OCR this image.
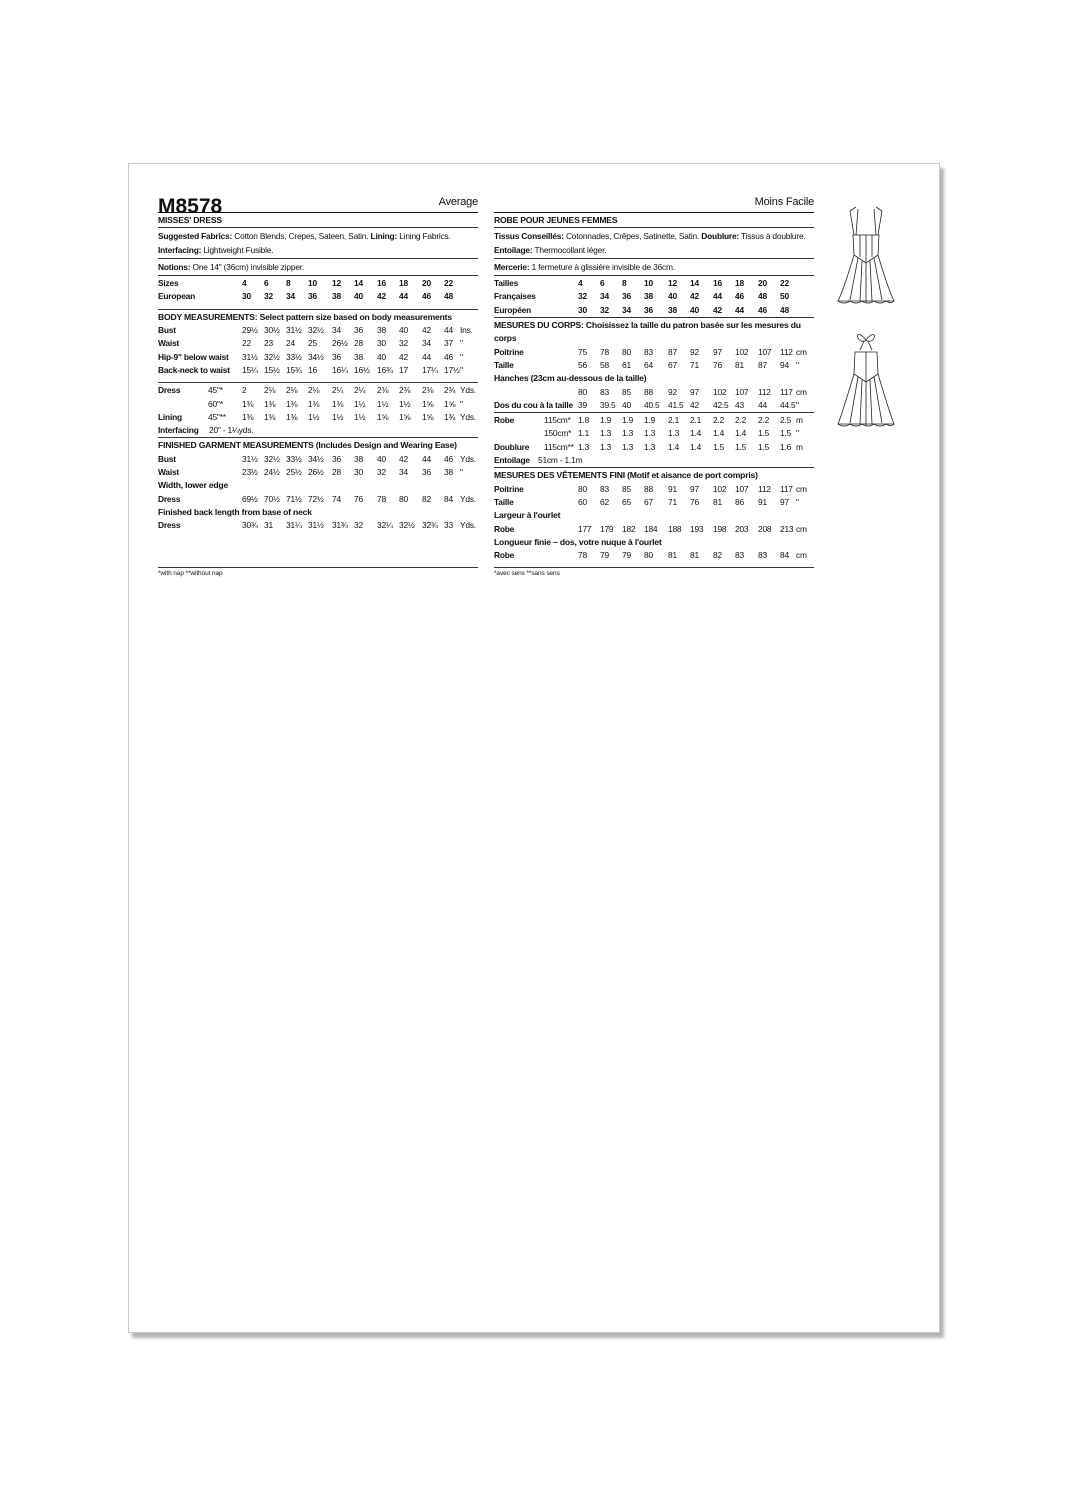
M8578	Average
MISSES' DRESS
Suggested Fabrics: Cotton Blends, Crepes, Sateen, Satin. Lining: Lining Fabrics. Interfacing: Lightweight Fusible.
Notions: One 14" (36cm) invisible zipper.
Sizes	4 6 8 10 12 14 16 18 20 22
European	30 32 34 36 38 40 42 44 46 48
BODY MEASUREMENTS: Select pattern size based on body measurements
Bust	29½ 30½ 31½ 32½ 34 36 38 40 42 44 Ins.
Waist	22 23 24 25 26½ 28 30 32 34 37 "
Hip-9" below waist 31½ 32½ 33½ 34½ 36 38 40 42 44 46 "
Back-neck to waist 15¼ 15½ 15¾ 16 16¼ 16½ 16¾ 17 17¼ 17½ "
Dress	45"* 2 2⅛ 2⅛ 2⅛ 2¼ 2¼ 2⅜ 2⅜ 2⅜ 2¾ Yds.
60"* 1⅜ 1⅜ 1⅜ 1⅜ 1⅜ 1½ 1½ 1½ 1⅝ 1⅝ "
Lining	45"** 1⅜ 1⅜ 1⅜ 1½ 1½ 1½ 1⅝ 1⅝ 1⅝ 1¾ Yds.
Interfacing 20" - 1¼yds.
FINISHED GARMENT MEASUREMENTS (Includes Design and Wearing Ease)
Bust	31½ 32½ 33½ 34½ 36 38 40 42 44 46 Yds.
Waist	23½ 24½ 25½ 26½ 28 30 32 34 36 38 "
Width, lower edge
Dress	69½ 70½ 71½ 72½ 74 76 78 80 82 84 Yds.
Finished back length from base of neck
Dress	30¾ 31 31¼ 31½ 31¾ 32 32¼ 32½ 32¾ 33 Yds.
*with nap **without nap
Moins Facile
ROBE POUR JEUNES FEMMES
Tissus Conseillés: Cotonnades, Crêpes, Satinette, Satin. Doublure: Tissus à doublure. Entoilage: Thermocollant léger.
Mercerie: 1 fermeture à glissière invisible de 36cm.
Tailles	4 6 8 10 12 14 16 18 20 22
Françaises	32 34 36 38 40 42 44 46 48 50
Européen	30 32 34 36 38 40 42 44 46 48
MESURES DU CORPS: Choisissez la taille du patron basée sur les mesures du corps
Poitrine	75 78 80 83 87 92 97 102 107 112 cm
Taille	56 58 61 64 67 71 76 81 87 94 "
Hanches (23cm au-dessous de la taille)
80 83 85 88 92 97 102 107 112 117 cm
Dos du cou à la taille 39 39.5 40 40.5 41.5 42 42.5 43 44 44.5 "
Robe	115cm* 1.8 1.9 1.9 1.9 2.1 2.1 2.2 2.2 2.2 2.5 m
150cm* 1.1 1.3 1.3 1.3 1.3 1.4 1.4 1.4 1.5 1.5 "
Doublure 115cm** 1.3 1.3 1.3 1.3 1.4 1.4 1.5 1.5 1.5 1.6 m
Entoilage 51cm - 1.1m
MESURES DES VÊTEMENTS FINI (Motif et aisance de port compris)
Poitrine	80 83 85 88 91 97 102 107 112 117 cm
Taille	60 62 65 67 71 76 81 86 91 97 "
Largeur à l'ourlet
Robe	177 179 182 184 188 193 198 203 208 213 cm
Longueur finie – dos, votre nuque à l'ourlet
Robe	78 79 79 80 81 81 82 83 83 84 cm
*avec sens **sans sens
